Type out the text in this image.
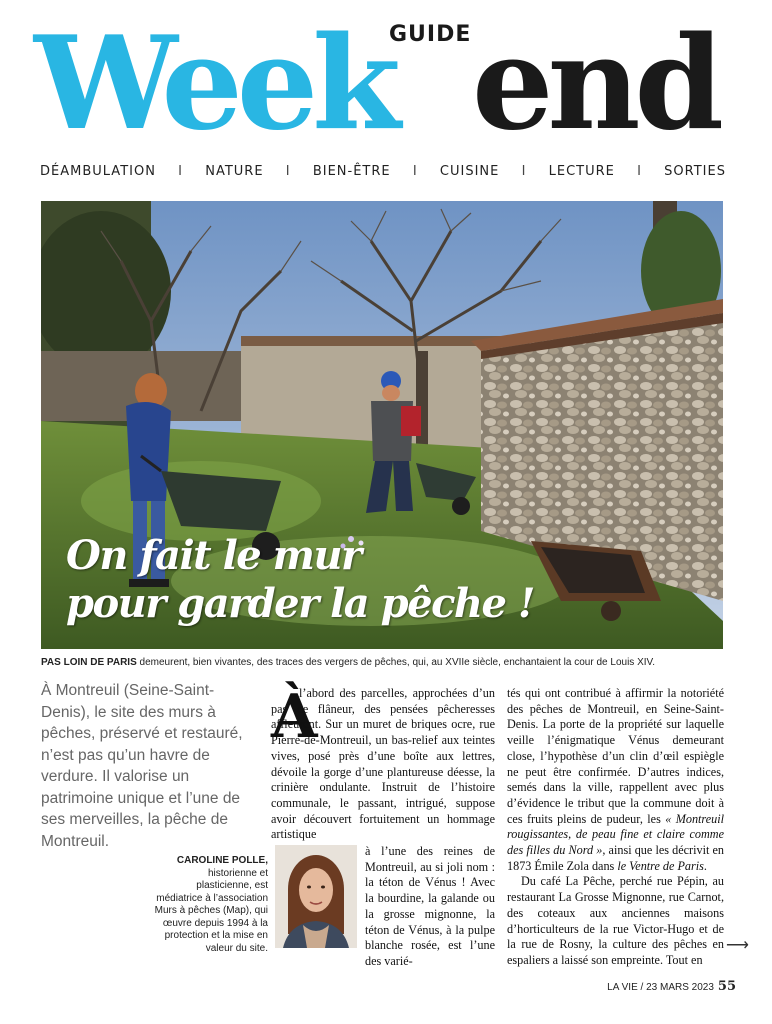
Week
GUIDE end
DÉAMBULATION I NATURE I BIEN-ÊTRE I CUISINE I LECTURE I SORTIES
On fait le mur
pour garder la pêche !
PAS LOIN DE PARIS demeurent, bien vivantes, des traces des vergers de pêches, qui, au XVIIe siècle, enchantaient la cour de Louis XIV.
À Montreuil (Seine-Saint-Denis), le site des murs à pêches, préservé et restauré, n’est pas qu’un havre de verdure. Il valorise un patrimoine unique et l’une de ses merveilles, la pêche de Montreuil.
CAROLINE POLLE,
historienne et plasticienne, est médiatrice à l’association Murs à pêches (Map), qui œuvre depuis 1994 à la protection et la mise en valeur du site.
À
l’abord des parcelles, approchées d’un pas de flâneur, des pensées pêcheresses affleurent. Sur un muret de briques ocre, rue Pierre-de-Montreuil, un bas-relief aux teintes vives, posé près d’une boîte aux lettres, dévoile la gorge d’une plantureuse déesse, la crinière ondulante. Instruit de l’histoire communale, le passant, intrigué, suppose avoir découvert fortuitement un hommage artistique
à l’une des reines de Montreuil, au si joli nom : la téton de Vénus ! Avec la bourdine, la galande ou la grosse mignonne, la téton de Vénus, à la pulpe blanche rosée, est l’une des varié-
tés qui ont contribué à affirmir la notoriété des pêches de Montreuil, en Seine-Saint-Denis. La porte de la propriété sur laquelle veille l’énigmatique Vénus demeurant close, l’hypothèse d’un clin d’œil espiègle ne peut être confirmée. D’autres indices, semés dans la ville, rappellent avec plus d’évidence le tribut que la commune doit à ces fruits pleins de pudeur, les « Montreuil rougissantes, de peau fine et claire comme des filles du Nord », ainsi que les décrivit en 1873 Émile Zola dans le Ventre de Paris.
Du café La Pêche, perché rue Pépin, au restaurant La Grosse Mignonne, rue Carnot, des coteaux aux anciennes maisons d’horticulteurs de la rue Victor-Hugo et de la rue de Rosny, la culture des pêches en espaliers a laissé son empreinte. Tout en
⟶
LA VIE / 23 MARS 2023 55
